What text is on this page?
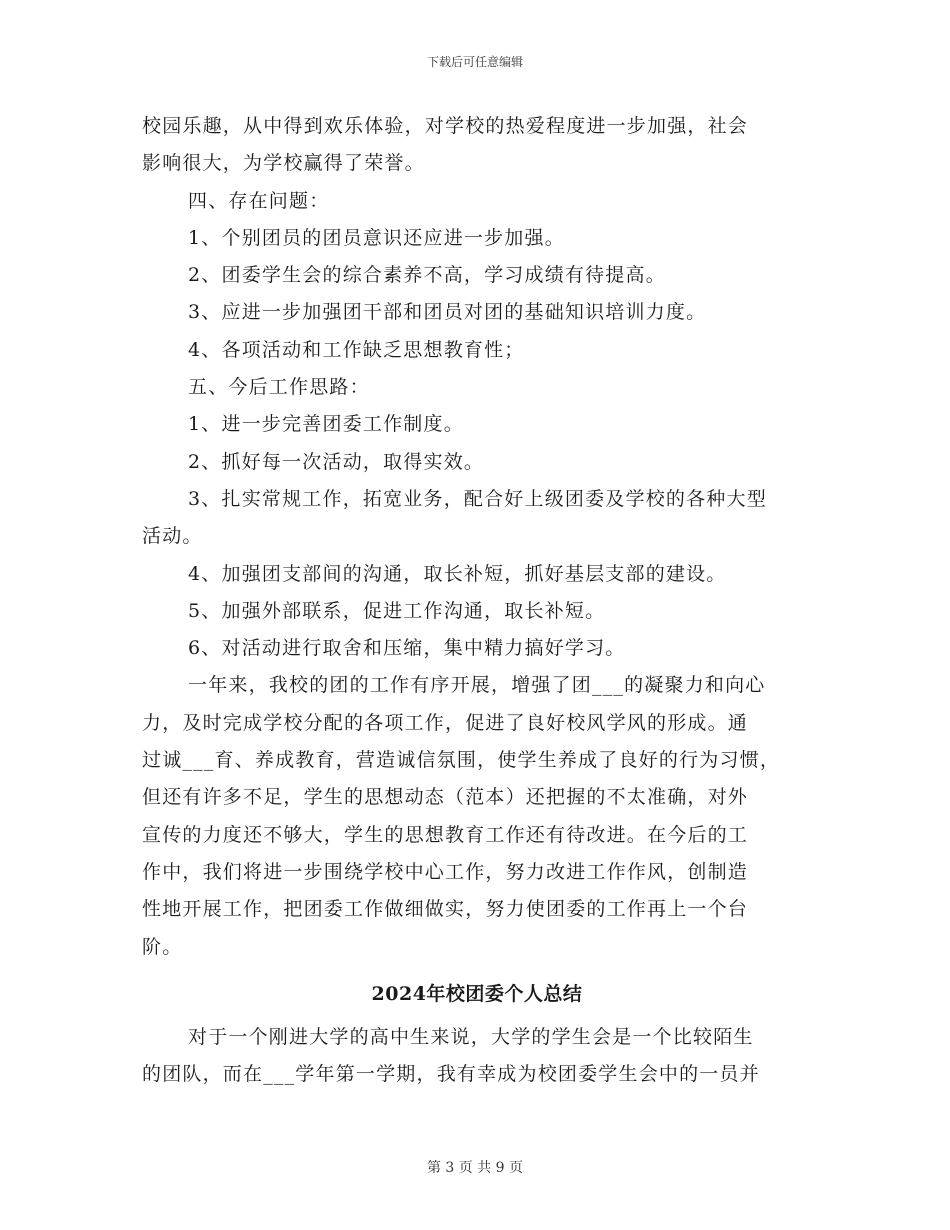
下载后可任意编辑

校园乐趣，从中得到欢乐体验，对学校的热爱程度进一步加强，社会

影响很大，为学校赢得了荣誉。

四、存在问题：

1、个别团员的团员意识还应进一步加强。

2、团委学生会的综合素养不高，学习成绩有待提高。

3、应进一步加强团干部和团员对团的基础知识培训力度。

4、各项活动和工作缺乏思想教育性；

五、今后工作思路：

1、进一步完善团委工作制度。

2、抓好每一次活动，取得实效。

3、扎实常规工作，拓宽业务，配合好上级团委及学校的各种大型

活动。

4、加强团支部间的沟通，取长补短，抓好基层支部的建设。

5、加强外部联系，促进工作沟通，取长补短。

6、对活动进行取舍和压缩，集中精力搞好学习。

一年来，我校的团的工作有序开展，增强了团___的凝聚力和向心

力，及时完成学校分配的各项工作，促进了良好校风学风的形成。通

过诚___育、养成教育，营造诚信氛围，使学生养成了良好的行为习惯，

但还有许多不足，学生的思想动态（范本）还把握的不太准确，对外

宣传的力度还不够大，学生的思想教育工作还有待改进。在今后的工

作中，我们将进一步围绕学校中心工作，努力改进工作作风，创制造

性地开展工作，把团委工作做细做实，努力使团委的工作再上一个台

阶。

2024年校团委个人总结

对于一个刚进大学的高中生来说，大学的学生会是一个比较陌生

的团队，而在___学年第一学期，我有幸成为校团委学生会中的一员并

第 3 页 共 9 页
